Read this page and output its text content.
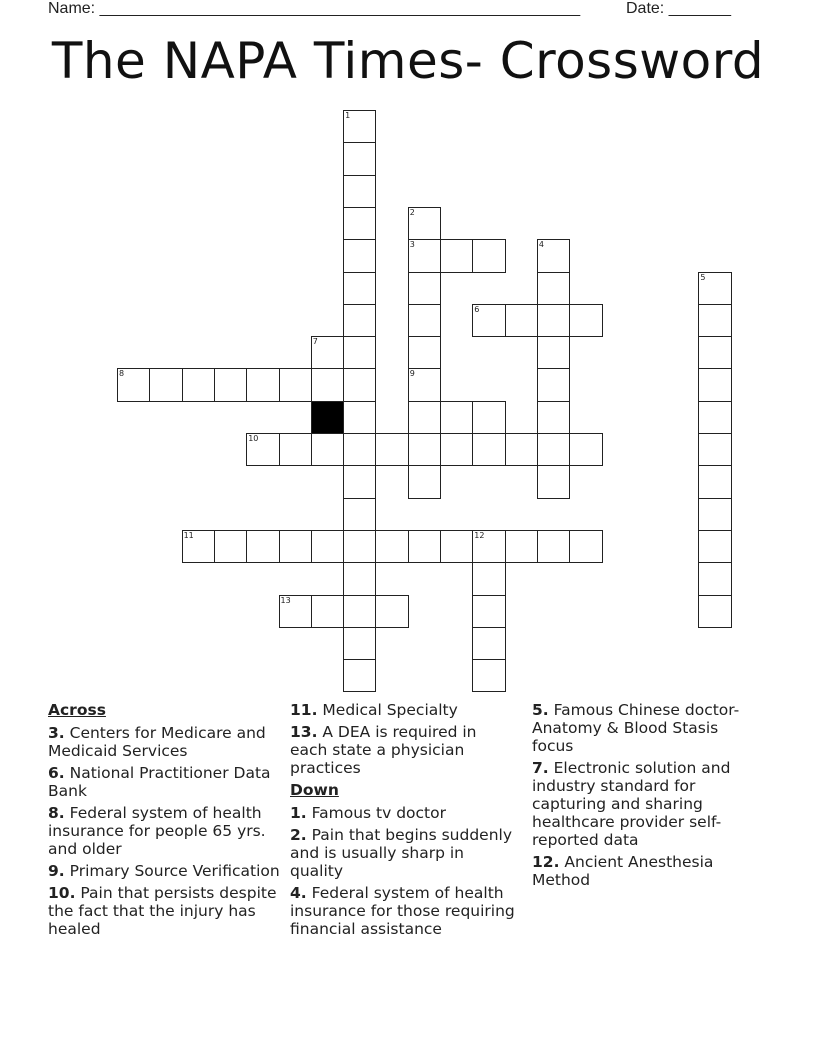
Name: ______________________________________________________	Date: _______
The NAPA Times- Crossword
1
2
3
9
4
5
6
7
8
10
11	12
13
Across
3. Centers for Medicare and Medicaid Services
6. National Practitioner Data Bank
8. Federal system of health insurance for people 65 yrs. and older
9. Primary Source Verification
10. Pain that persists despite the fact that the injury has healed
11. Medical Specialty
13. A DEA is required in each state a physician practices
Down
1. Famous tv doctor
2. Pain that begins suddenly and is usually sharp in quality
4. Federal system of health insurance for those requiring financial assistance
5. Famous Chinese doctor- Anatomy & Blood Stasis focus
7. Electronic solution and industry standard for capturing and sharing healthcare provider self-reported data
12. Ancient Anesthesia Method
